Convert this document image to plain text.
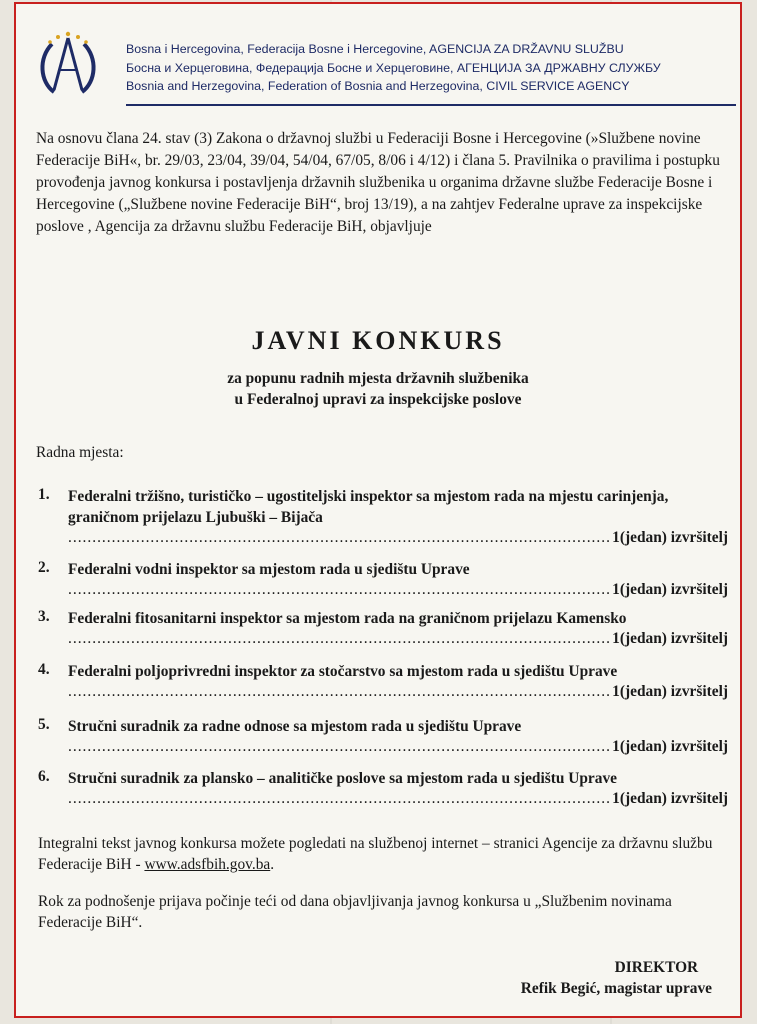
Bosna i Hercegovina, Federacija Bosne i Hercegovine, AGENCIJA ZA DRŽAVNU SLUŽBU
Босна и Херцеговина, Федерација Босне и Херцеговине, АГЕНЦИЈА ЗА ДРЖАВНУ СЛУЖБУ
Bosnia and Herzegovina, Federation of Bosnia and Herzegovina, CIVIL SERVICE AGENCY
Na osnovu člana 24. stav (3) Zakona o državnoj službi u Federaciji Bosne i Hercegovine (»Službene novine Federacije BiH«, br. 29/03, 23/04, 39/04, 54/04, 67/05, 8/06 i 4/12) i člana 5. Pravilnika o pravilima i postupku provođenja javnog konkursa i postavljenja državnih službenika u organima državne službe Federacije Bosne i Hercegovine („Službene novine Federacije BiH“, broj 13/19), a na zahtjev Federalne uprave za inspekcijske poslove , Agencija za državnu službu Federacije BiH, objavljuje
JAVNI KONKURS
za popunu radnih mjesta državnih službenika
u Federalnoj upravi za inspekcijske poslove
Radna mjesta:
1.	Federalni tržišno, turističko – ugostiteljski inspektor sa mjestom rada na mjestu carinjenja, graničnom prijelazu Ljubuški – Bijača
.....
1(jedan) izvršitelj
2.	Federalni vodni inspektor sa mjestom rada u sjedištu Uprave
.....
1(jedan) izvršitelj
3.	Federalni fitosanitarni inspektor sa mjestom rada na graničnom prijelazu Kamensko
.....
1(jedan) izvršitelj
4.	Federalni poljoprivredni inspektor za stočarstvo sa mjestom rada u sjedištu Uprave
.....
1(jedan) izvršitelj
5.	Stručni suradnik za radne odnose sa mjestom rada u sjedištu Uprave
.....
1(jedan) izvršitelj
6.	Stručni suradnik za plansko – analitičke poslove sa mjestom rada u sjedištu Uprave
.....
1(jedan) izvršitelj
Integralni tekst javnog konkursa možete pogledati na službenoj internet – stranici Agencije za državnu službu Federacije BiH - www.adsfbih.gov.ba.
Rok za podnošenje prijava počinje teći od dana objavljivanja javnog konkursa u „Službenim novinama Federacije BiH“.
DIREKTOR
Refik Begić, magistar uprave
